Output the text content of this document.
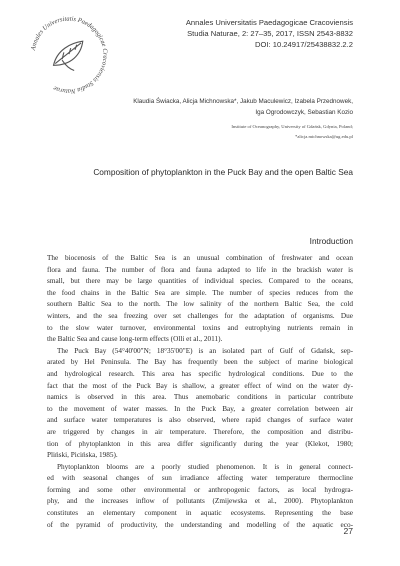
Annales Universitatis Paedagogicae Cracoviensis Studia Naturae
Annales Universitatis Paedagogicae Cracoviensis
Studia Naturae, 2: 27–35, 2017, ISSN 2543-8832
DOI: 10.24917/25438832.2.2
Klaudia Świacka, Alicja Michnowska*, Jakub Maculewicz, Izabela Przednowek,
Iga Ogrodowczyk, Sebastian Kozio
Institute of Oceanography, University of Gdańsk, Gdynia, Poland;
*alicja.michnowska@ug.edu.pl
Composition of phytoplankton in the Puck Bay and the open Baltic Sea
Introduction
The biocenosis of the Baltic Sea is an unusual combination of freshwater and ocean
flora and fauna. The number of flora and fauna adapted to life in the brackish water is
small, but there may be large quantities of individual species. Compared to the oceans,
the food chains in the Baltic Sea are simple. The number of species reduces from the
southern Baltic Sea to the north. The low salinity of the northern Baltic Sea, the cold
winters, and the sea freezing over set challenges for the adaptation of organisms. Due
to the slow water turnover, environmental toxins and eutrophying nutrients remain in
the Baltic Sea and cause long-term effects (Olli et al., 2011).
The Puck Bay (54°40'00"N; 18°35'00"E) is an isolated part of Gulf of Gdańsk, sep-
arated by Hel Peninsula. The Bay has frequently been the subject of marine biological
and hydrological research. This area has specific hydrological conditions. Due to the
fact that the most of the Puck Bay is shallow, a greater effect of wind on the water dy-
namics is observed in this area. Thus anemobaric conditions in particular contribute
to the movement of water masses. In the Puck Bay, a greater correlation between air
and surface water temperatures is also observed, where rapid changes of surface water
are triggered by changes in air temperature. Therefore, the composition and distribu-
tion of phytoplankton in this area differ significantly during the year (Klekot, 1980;
Pliński, Picińska, 1985).
Phytoplankton blooms are a poorly studied phenomenon. It is in general connect-
ed with seasonal changes of sun irradiance affecting water temperature thermocline
forming and some other environmental or anthropogenic factors, as local hydrogra-
phy, and the increases inflow of pollutants (Zmijewska et al., 2000). Phytoplankton
constitutes an elementary component in aquatic ecosystems. Representing the base
of the pyramid of productivity, the understanding and modelling of the aquatic eco-
27
